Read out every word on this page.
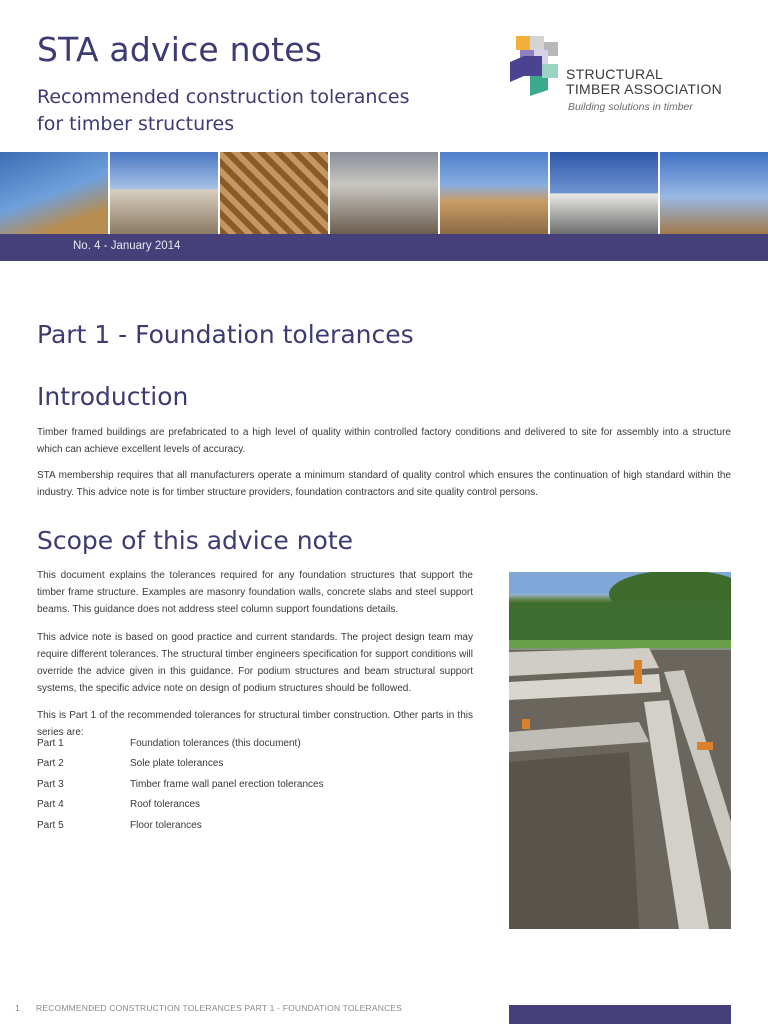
STA advice notes
Recommended construction tolerances
for timber structures
STRUCTURAL
TIMBER ASSOCIATION
Building solutions in timber
No. 4 - January 2014
Part 1 - Foundation tolerances
Introduction
Timber framed buildings are prefabricated to a high level of quality within controlled factory conditions and delivered to site for assembly into a structure which can achieve excellent levels of accuracy.
STA membership requires that all manufacturers operate a minimum standard of quality control which ensures the continuation of high standard within the industry. This advice note is for timber structure providers, foundation contractors and site quality control persons.
Scope of this advice note
This document explains the tolerances required for any foundation structures that support the timber frame structure. Examples are masonry foundation walls, concrete slabs and steel support beams. This guidance does not address steel column support foundations details.
This advice note is based on good practice and current standards. The project design team may require different tolerances. The structural timber engineers specification for support conditions will override the advice given in this guidance. For podium structures and beam structural support systems, the specific advice note on design of podium structures should be followed.
This is Part 1 of the recommended tolerances for structural timber construction. Other parts in this series are:
Part 1	Foundation tolerances (this document)
Part 2	Sole plate tolerances
Part 3	Timber frame wall panel erection tolerances
Part 4	Roof tolerances
Part 5	Floor tolerances
1 RECOMMENDED CONSTRUCTION TOLERANCES PART 1 - FOUNDATION TOLERANCES
